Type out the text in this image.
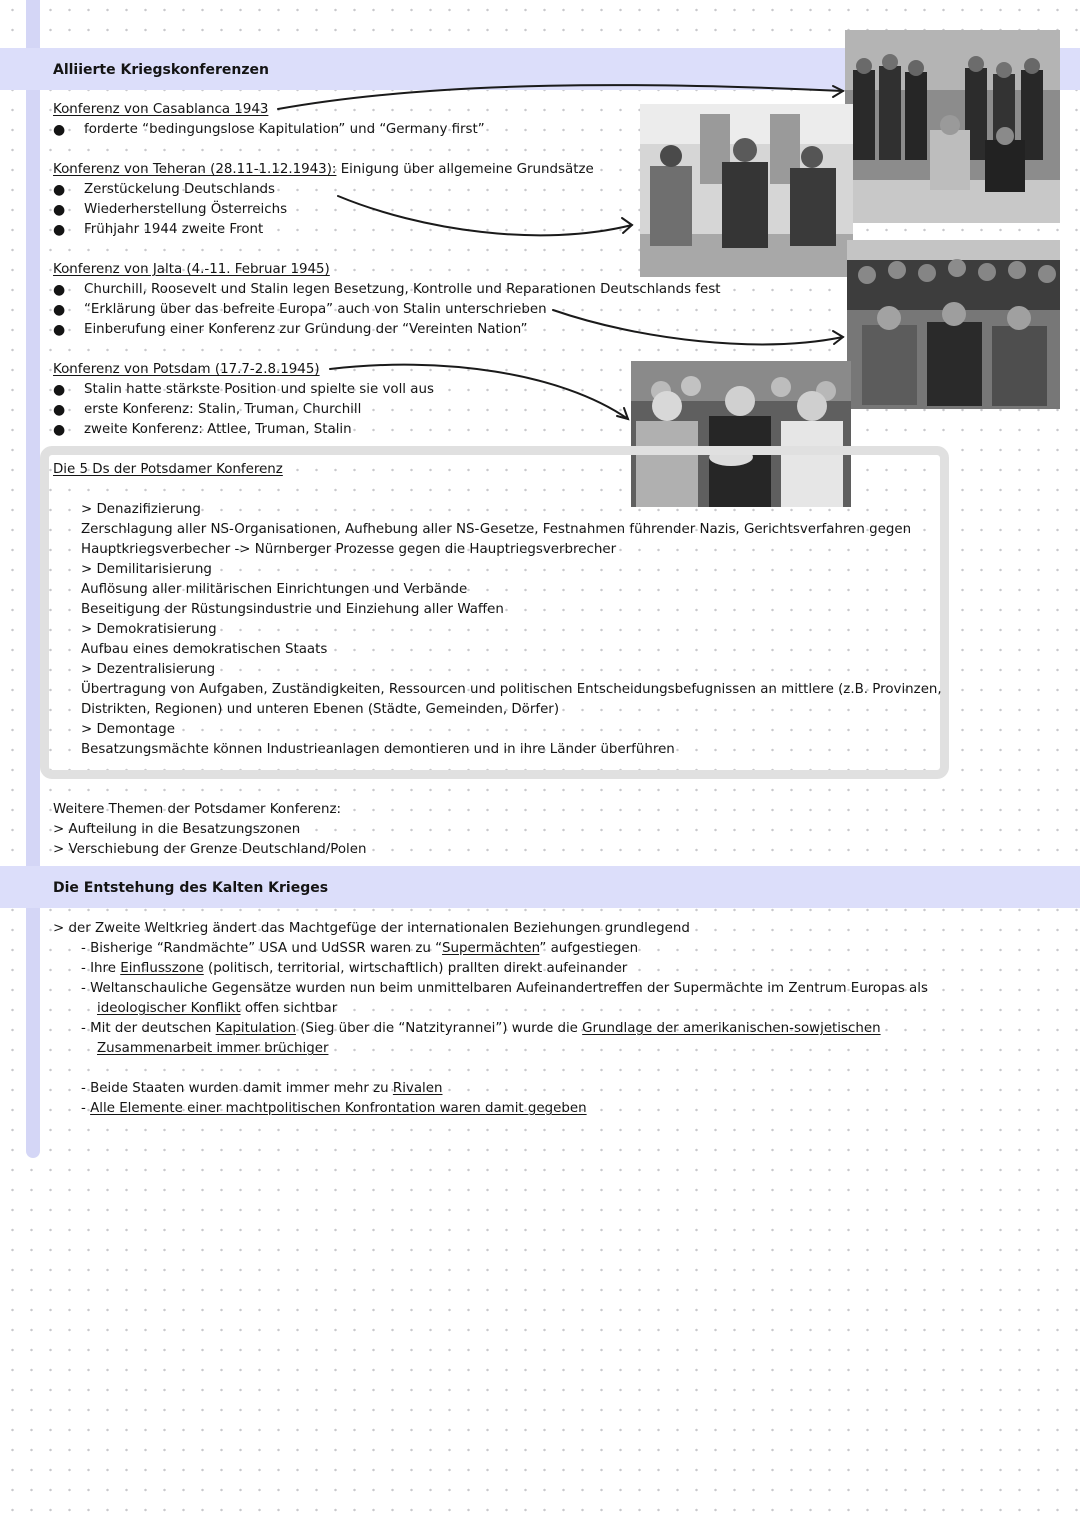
Alliierte Kriegskonferenzen
Konferenz von Casablanca 1943
● forderte “bedingungslose Kapitulation” und “Germany first”
Konferenz von Teheran (28.11-1.12.1943): Einigung über allgemeine Grundsätze
● Zerstückelung Deutschlands
● Wiederherstellung Österreichs
● Frühjahr 1944 zweite Front
Konferenz von Jalta (4.-11. Februar 1945)
● Churchill, Roosevelt und Stalin legen Besetzung, Kontrolle und Reparationen Deutschlands fest
● “Erklärung über das befreite Europa” auch von Stalin unterschrieben
● Einberufung einer Konferenz zur Gründung der “Vereinten Nation”
Konferenz von Potsdam (17.7-2.8.1945)
● Stalin hatte stärkste Position und spielte sie voll aus
● erste Konferenz: Stalin, Truman, Churchill
● zweite Konferenz: Attlee, Truman, Stalin
Die 5 Ds der Potsdamer Konferenz
> Denazifizierung
Zerschlagung aller NS-Organisationen, Aufhebung aller NS-Gesetze, Festnahmen führender Nazis, Gerichtsverfahren gegen
Hauptkriegsverbecher -> Nürnberger Prozesse gegen die Hauptriegsverbrecher
> Demilitarisierung
Auflösung aller militärischen Einrichtungen und Verbände
Beseitigung der Rüstungsindustrie und Einziehung aller Waffen
> Demokratisierung
Aufbau eines demokratischen Staats
> Dezentralisierung
Übertragung von Aufgaben, Zuständigkeiten, Ressourcen und politischen Entscheidungsbefugnissen an mittlere (z.B. Provinzen,
Distrikten, Regionen) und unteren Ebenen (Städte, Gemeinden, Dörfer)
> Demontage
Besatzungsmächte können Industrieanlagen demontieren und in ihre Länder überführen
Weitere Themen der Potsdamer Konferenz:
> Aufteilung in die Besatzungszonen
> Verschiebung der Grenze Deutschland/Polen
Die Entstehung des Kalten Krieges
> der Zweite Weltkrieg ändert das Machtgefüge der internationalen Beziehungen grundlegend
- Bisherige “Randmächte” USA und UdSSR waren zu “Supermächten” aufgestiegen
- Ihre Einflusszone (politisch, territorial, wirtschaftlich) prallten direkt aufeinander
- Weltanschauliche Gegensätze wurden nun beim unmittelbaren Aufeinandertreffen der Supermächte im Zentrum Europas als
ideologischer Konflikt offen sichtbar
- Mit der deutschen Kapitulation (Sieg über die “Natzityrannei”) wurde die Grundlage der amerikanischen-sowjetischen
Zusammenarbeit immer brüchiger
- Beide Staaten wurden damit immer mehr zu Rivalen
- Alle Elemente einer machtpolitischen Konfrontation waren damit gegeben
